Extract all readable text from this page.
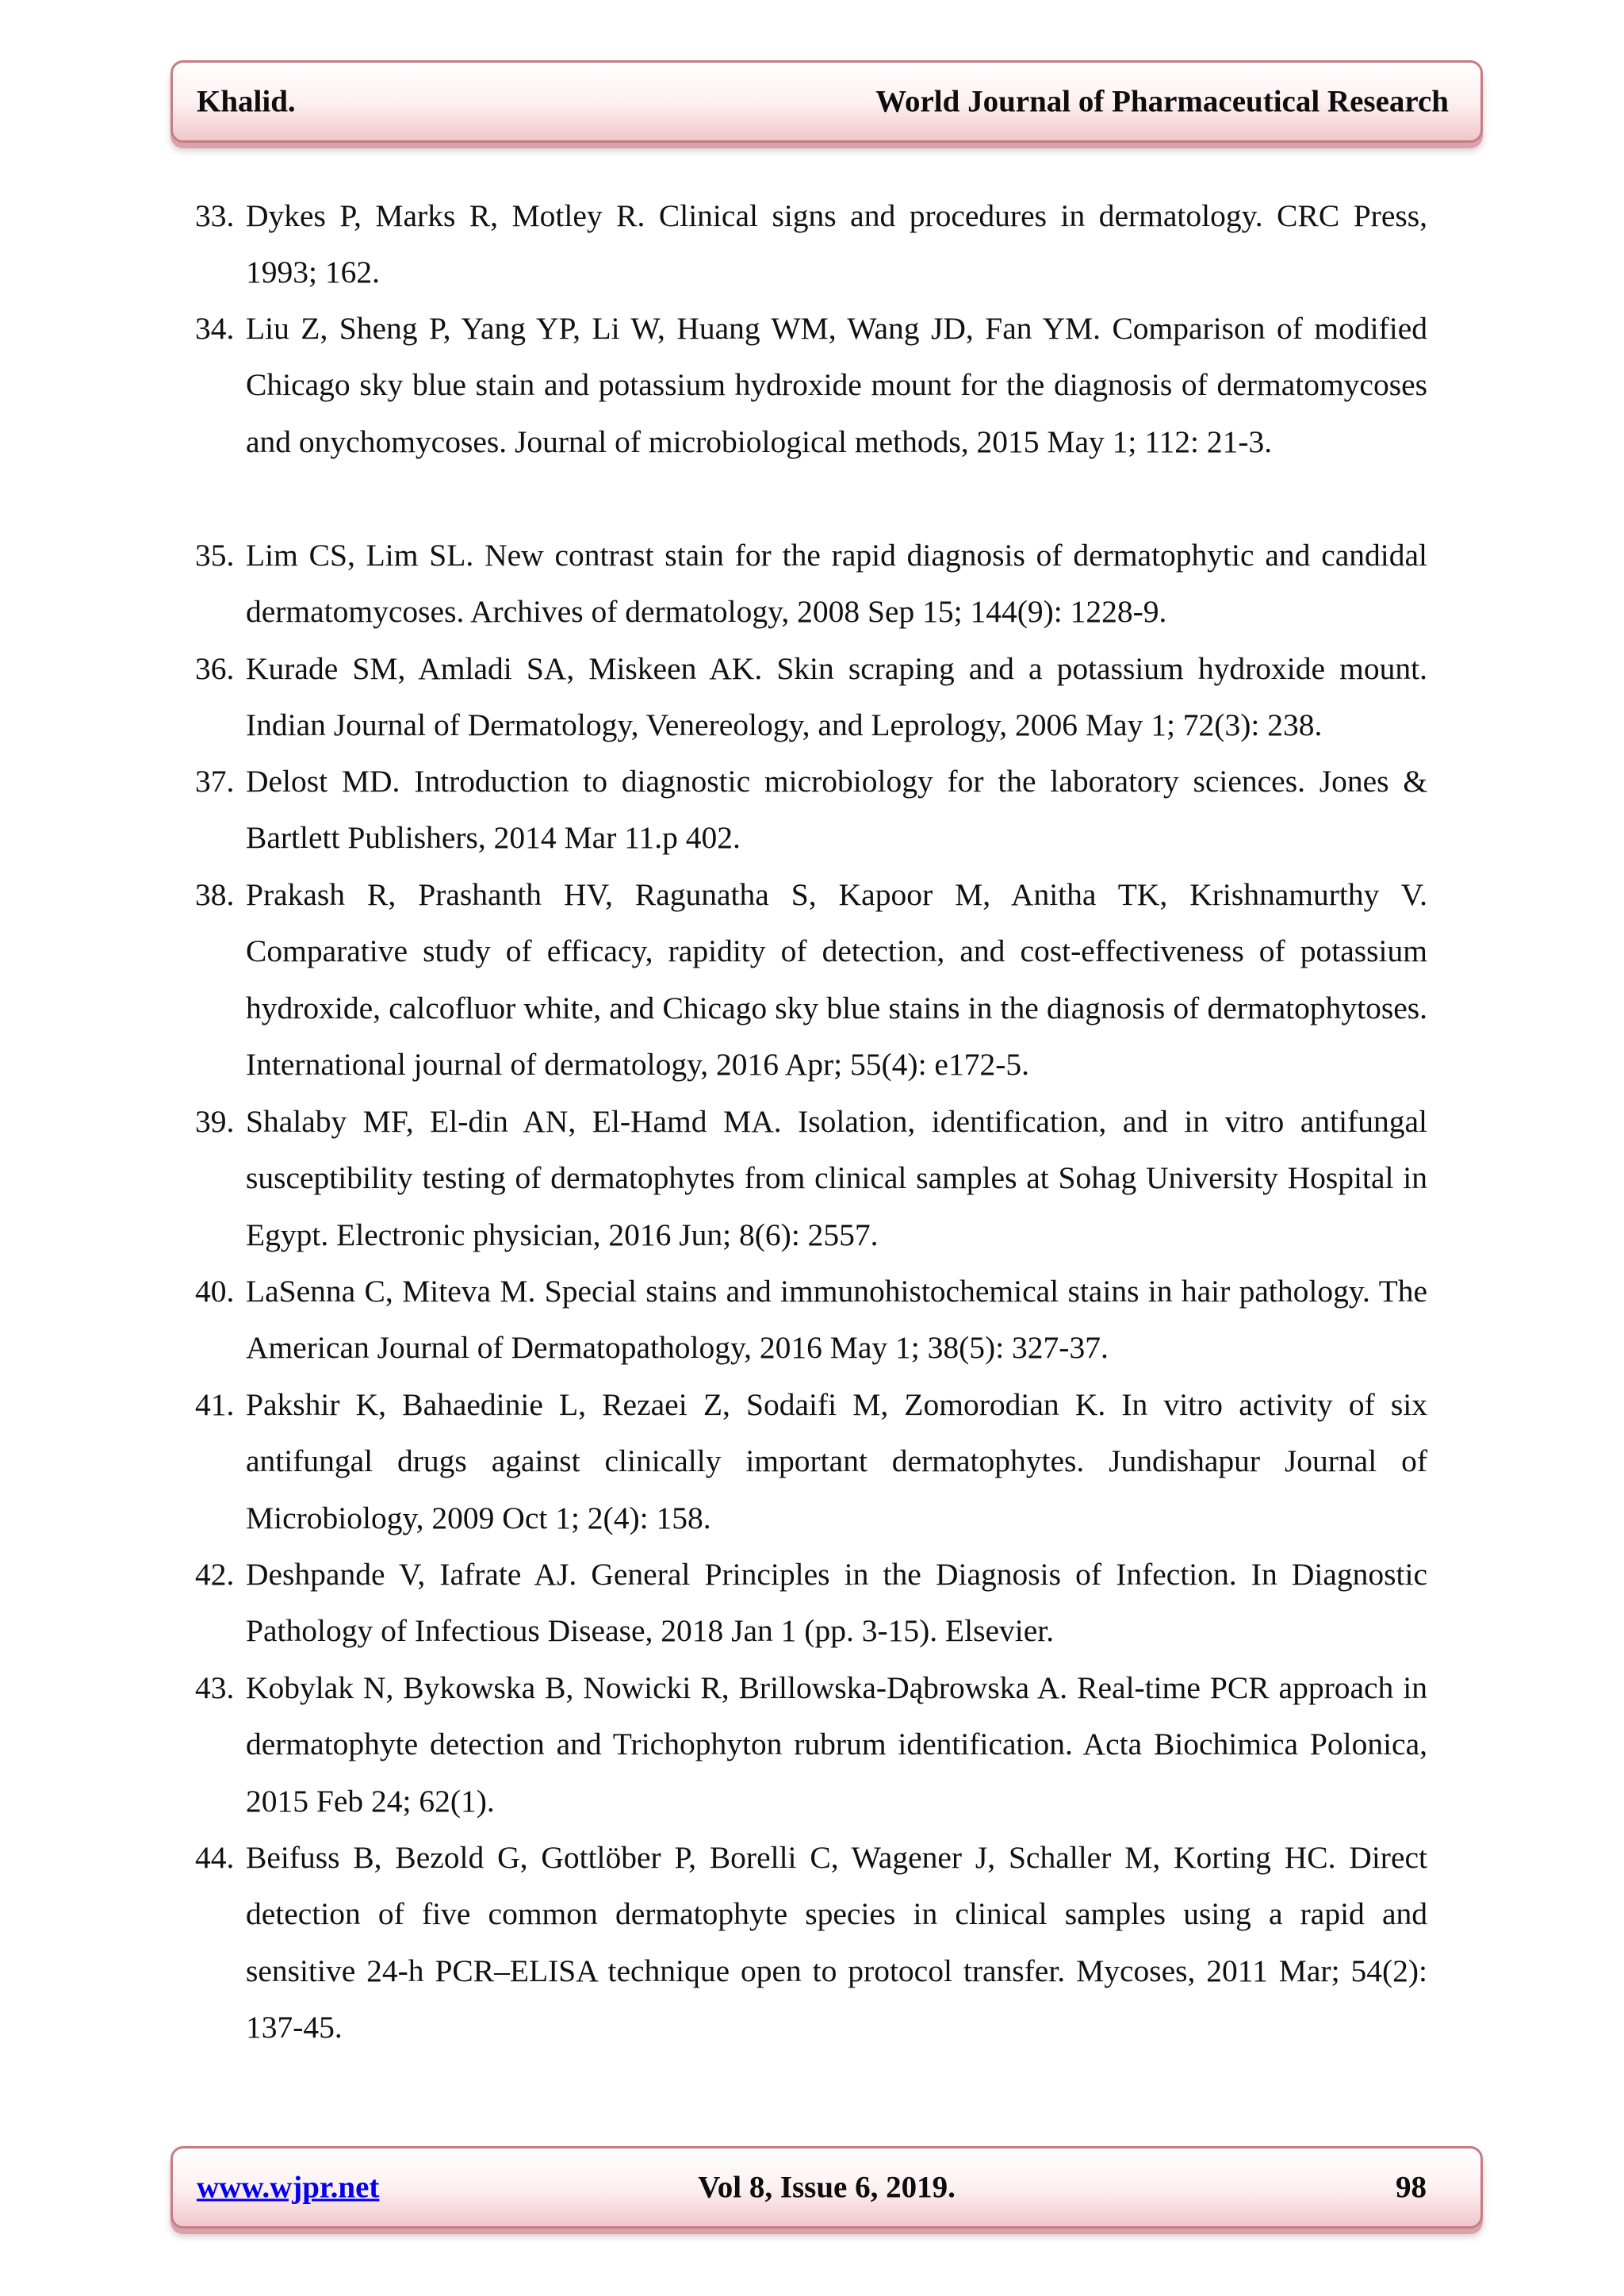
Khalid.	World Journal of Pharmaceutical Research
33. Dykes P, Marks R, Motley R. Clinical signs and procedures in dermatology. CRC Press, 1993; 162.

34. Liu Z, Sheng P, Yang YP, Li W, Huang WM, Wang JD, Fan YM. Comparison of modified Chicago sky blue stain and potassium hydroxide mount for the diagnosis of dermatomycoses and onychomycoses. Journal of microbiological methods, 2015 May 1; 112: 21-3.

35. Lim CS, Lim SL. New contrast stain for the rapid diagnosis of dermatophytic and candidal dermatomycoses. Archives of dermatology, 2008 Sep 15; 144(9): 1228-9.

36. Kurade SM, Amladi SA, Miskeen AK. Skin scraping and a potassium hydroxide mount. Indian Journal of Dermatology, Venereology, and Leprology, 2006 May 1; 72(3): 238.

37. Delost MD. Introduction to diagnostic microbiology for the laboratory sciences. Jones & Bartlett Publishers, 2014 Mar 11.p 402.

38. Prakash R, Prashanth HV, Ragunatha S, Kapoor M, Anitha TK, Krishnamurthy V. Comparative study of efficacy, rapidity of detection, and cost-effectiveness of potassium hydroxide, calcofluor white, and Chicago sky blue stains in the diagnosis of dermatophytoses. International journal of dermatology, 2016 Apr; 55(4): e172-5.

39. Shalaby MF, El-din AN, El-Hamd MA. Isolation, identification, and in vitro antifungal susceptibility testing of dermatophytes from clinical samples at Sohag University Hospital in Egypt. Electronic physician, 2016 Jun; 8(6): 2557.

40. LaSenna C, Miteva M. Special stains and immunohistochemical stains in hair pathology. The American Journal of Dermatopathology, 2016 May 1; 38(5): 327-37.

41. Pakshir K, Bahaedinie L, Rezaei Z, Sodaifi M, Zomorodian K. In vitro activity of six antifungal drugs against clinically important dermatophytes. Jundishapur Journal of Microbiology, 2009 Oct 1; 2(4): 158.

42. Deshpande V, Iafrate AJ. General Principles in the Diagnosis of Infection. In Diagnostic Pathology of Infectious Disease, 2018 Jan 1 (pp. 3-15). Elsevier.

43. Kobylak N, Bykowska B, Nowicki R, Brillowska-Dąbrowska A. Real-time PCR approach in dermatophyte detection and Trichophyton rubrum identification. Acta Biochimica Polonica, 2015 Feb 24; 62(1).

44. Beifuss B, Bezold G, Gottlöber P, Borelli C, Wagener J, Schaller M, Korting HC. Direct detection of five common dermatophyte species in clinical samples using a rapid and sensitive 24-h PCR–ELISA technique open to protocol transfer. Mycoses, 2011 Mar; 54(2): 137-45.

www.wjpr.net	Vol 8, Issue 6, 2019.	98
